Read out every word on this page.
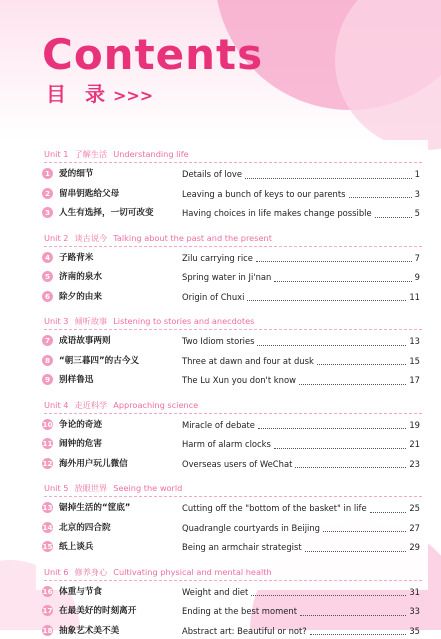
Contents
目 录 >>>
Unit 1 了解生活 Understanding life
1	爱的细节	Details of love	1
2	留串钥匙给父母	Leaving a bunch of keys to our parents	3
3	人生有选择，一切可改变	Having choices in life makes change possible	5
Unit 2 谈古说今 Talking about the past and the present
4	子路背米	Zilu carrying rice	7
5	济南的泉水	Spring water in Ji'nan	9
6	除夕的由来	Origin of Chuxi	11
Unit 3 倾听故事 Listening to stories and anecdotes
7	成语故事两则	Two Idiom stories	13
8	“朝三暮四”的古今义	Three at dawn and four at dusk	15
9	别样鲁迅	The Lu Xun you don't know	17
Unit 4 走近科学 Approaching science
10 争论的奇迹	Miracle of debate	19
11 闹钟的危害	Harm of alarm clocks	21
12 海外用户玩儿微信	Overseas users of WeChat	23
Unit 5 放眼世界 Seeing the world
13 锯掉生活的“筐底”	Cutting off the "bottom of the basket" in life	25
14 北京的四合院	Quadrangle courtyards in Beijing	27
15 纸上谈兵	Being an armchair strategist	29
Unit 6 修养身心 Cultivating physical and mental health
16 体重与节食	Weight and diet	31
17 在最美好的时刻离开	Ending at the best moment	33
18 抽象艺术美不美	Abstract art: Beautiful or not?	35
